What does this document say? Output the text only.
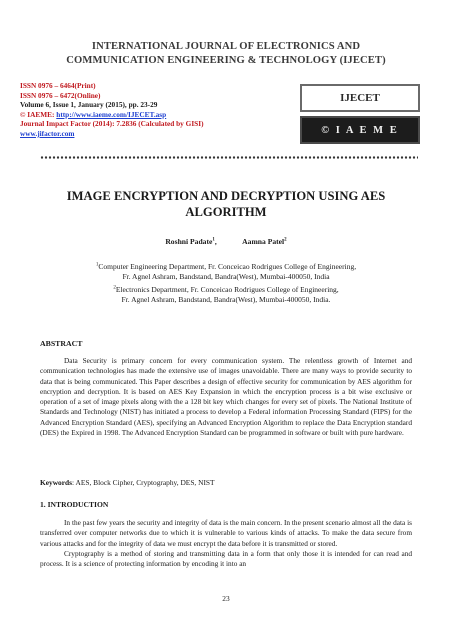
INTERNATIONAL JOURNAL OF ELECTRONICS AND
COMMUNICATION ENGINEERING & TECHNOLOGY (IJECET)
ISSN 0976 – 6464(Print)
ISSN 0976 – 6472(Online)
Volume 6, Issue 1, January (2015), pp. 23-29
© IAEME: http://www.iaeme.com/IJECET.asp
Journal Impact Factor (2014): 7.2836 (Calculated by GISI)
www.jifactor.com
IJECET
© I A E M E
IMAGE ENCRYPTION AND DECRYPTION USING AES
ALGORITHM
Roshni Padate$^1$,	Aamna Patel$^2$
$^1$Computer Engineering Department, Fr. Conceicao Rodrigues College of Engineering,
Fr. Agnel Ashram, Bandstand, Bandra(West), Mumbai-400050, India
$^2$Electronics Department, Fr. Conceicao Rodrigues College of Engineering,
Fr. Agnel Ashram, Bandstand, Bandra(West), Mumbai-400050, India.
ABSTRACT

Data Security is primary concern for every communication system. The relentless growth of Internet and communication technologies has made the extensive use of images unavoidable. There are many ways to provide security to data that is being communicated. This Paper describes a design of effective security for communication by AES algorithm for encryption and decryption. It is based on AES Key Expansion in which the encryption process is a bit wise exclusive or operation of a set of image pixels along with the a 128 bit key which changes for every set of pixels. The National Institute of Standards and Technology (NIST) has initiated a process to develop a Federal information Processing Standard (FIPS) for the Advanced Encryption Standard (AES), specifying an Advanced Encryption Algorithm to replace the Data Encryption standard (DES) the Expired in 1998. The Advanced Encryption Standard can be programmed in software or built with pure hardware.

Keywords: AES, Block Cipher, Cryptography, DES, NIST
1. INTRODUCTION

In the past few years the security and integrity of data is the main concern. In the present scenario almost all the data is transferred over computer networks due to which it is vulnerable to various kinds of attacks. To make the data secure from various attacks and for the integrity of data we must encrypt the data before it is transmitted or stored.

Cryptography is a method of storing and transmitting data in a form that only those it is intended for can read and process. It is a science of protecting information by encoding it into an

23
